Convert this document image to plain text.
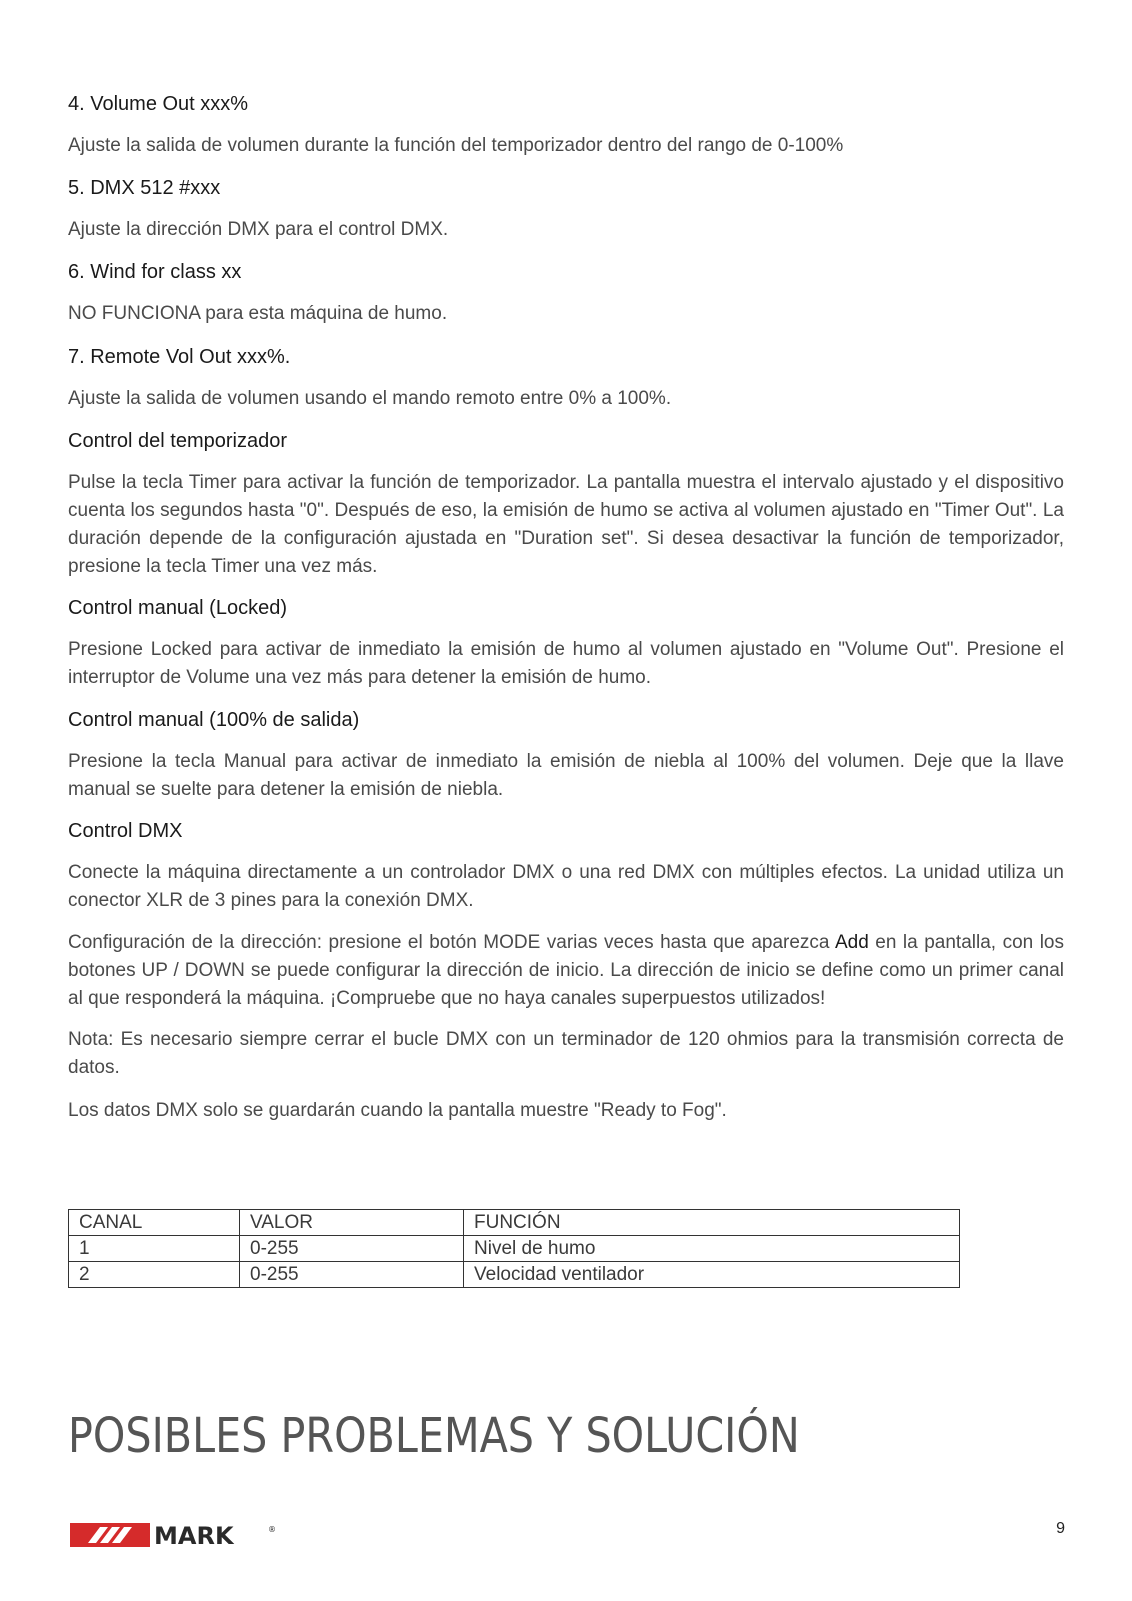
4. Volume Out xxx%

Ajuste la salida de volumen durante la función del temporizador dentro del rango de 0-100%

5. DMX 512 #xxx

Ajuste la dirección DMX para el control DMX.

6. Wind for class xx

NO FUNCIONA para esta máquina de humo.

7. Remote Vol Out xxx%.

Ajuste la salida de volumen usando el mando remoto entre 0% a 100%.

Control del temporizador

Pulse la tecla Timer para activar la función de temporizador. La pantalla muestra el intervalo ajustado y el dispositivo cuenta los segundos hasta "0". Después de eso, la emisión de humo se activa al volumen ajustado en "Timer Out". La duración depende de la configuración ajustada en "Duration set". Si desea desactivar la función de temporizador, presione la tecla Timer una vez más.

Control manual (Locked)

Presione Locked para activar de inmediato la emisión de humo al volumen ajustado en "Volume Out". Presione el interruptor de Volume una vez más para detener la emisión de humo.

Control manual (100% de salida)

Presione la tecla Manual para activar de inmediato la emisión de niebla al 100% del volumen. Deje que la llave manual se suelte para detener la emisión de niebla.

Control DMX

Conecte la máquina directamente a un controlador DMX o una red DMX con múltiples efectos. La unidad utiliza un conector XLR de 3 pines para la conexión DMX.

Configuración de la dirección: presione el botón MODE varias veces hasta que aparezca Add en la pantalla, con los botones UP / DOWN se puede configurar la dirección de inicio. La dirección de inicio se define como un primer canal al que responderá la máquina. ¡Compruebe que no haya canales superpuestos utilizados!

Nota: Es necesario siempre cerrar el bucle DMX con un terminador de 120 ohmios para la transmisión correcta de datos.

Los datos DMX solo se guardarán cuando la pantalla muestre "Ready to Fog".

CANAL	VALOR	FUNCIÓN
1	0-255	Nivel de humo
2	0-255	Velocidad ventilador
POSIBLES PROBLEMAS Y SOLUCIÓN
MARK	®	9
